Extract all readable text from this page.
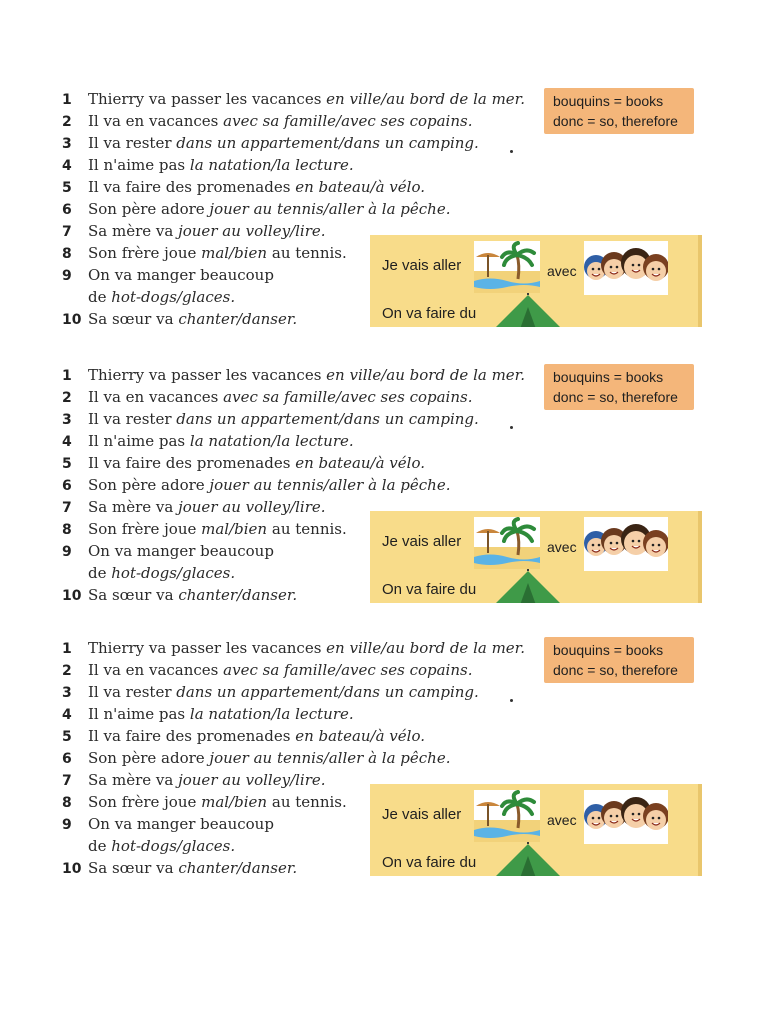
1 Thierry va passer les vacances en ville/au bord de la mer.
2 Il va en vacances avec sa famille/avec ses copains.
3 Il va rester dans un appartement/dans un camping.
4 Il n'aime pas la natation/la lecture.
5 Il va faire des promenades en bateau/à vélo.
6 Son père adore jouer au tennis/aller à la pêche.
7 Sa mère va jouer au volley/lire.
8 Son frère joue mal/bien au tennis.
9 On va manger beaucoup
de hot-dogs/glaces.
10 Sa sœur va chanter/danser.
bouquins = books
donc = so, therefore
Je vais aller	avec
On va faire du
1 Thierry va passer les vacances en ville/au bord de la mer.
2 Il va en vacances avec sa famille/avec ses copains.
3 Il va rester dans un appartement/dans un camping.
4 Il n'aime pas la natation/la lecture.
5 Il va faire des promenades en bateau/à vélo.
6 Son père adore jouer au tennis/aller à la pêche.
7 Sa mère va jouer au volley/lire.
8 Son frère joue mal/bien au tennis.
9 On va manger beaucoup
de hot-dogs/glaces.
10 Sa sœur va chanter/danser.
bouquins = books
donc = so, therefore
Je vais aller	avec
On va faire du
1 Thierry va passer les vacances en ville/au bord de la mer.
2 Il va en vacances avec sa famille/avec ses copains.
3 Il va rester dans un appartement/dans un camping.
4 Il n'aime pas la natation/la lecture.
5 Il va faire des promenades en bateau/à vélo.
6 Son père adore jouer au tennis/aller à la pêche.
7 Sa mère va jouer au volley/lire.
8 Son frère joue mal/bien au tennis.
9 On va manger beaucoup
de hot-dogs/glaces.
10 Sa sœur va chanter/danser.
bouquins = books
donc = so, therefore
Je vais aller	avec
On va faire du
